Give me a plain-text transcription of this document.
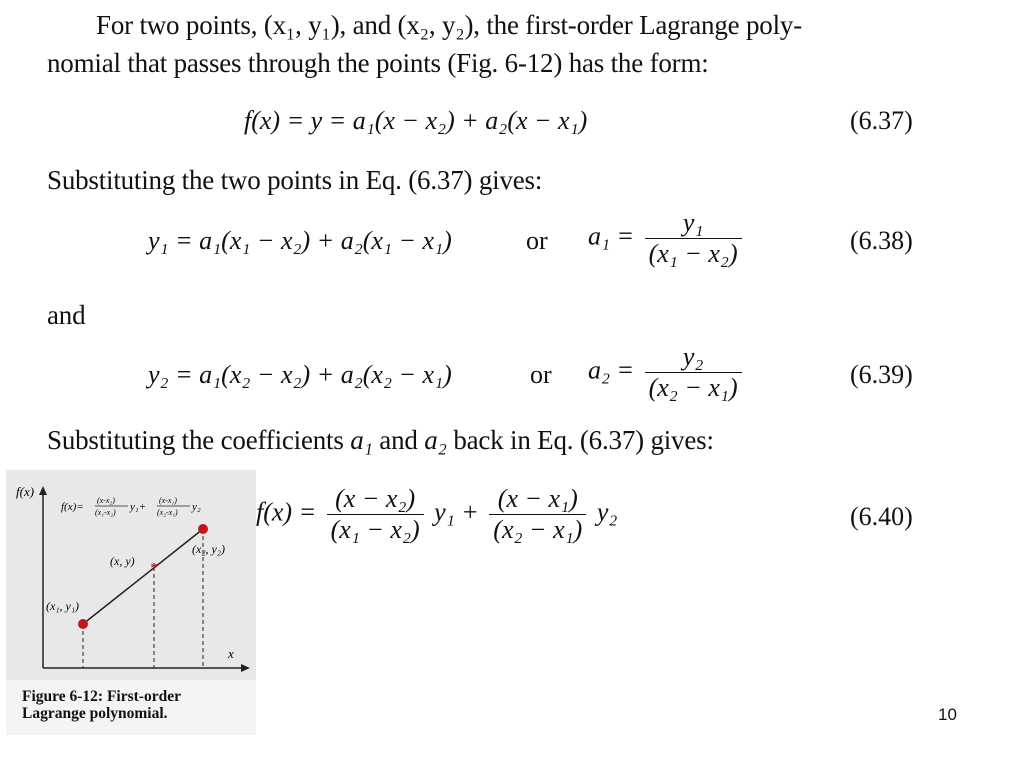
For two points, (x₁, y₁), and (x₂, y₂), the first-order Lagrange poly-
nomial that passes through the points (Fig. 6-12) has the form:
f(x) = y = a₁(x − x₂) + a₂(x − x₁)	(6.37)
Substituting the two points in Eq. (6.37) gives:
y₁ = a₁(x₁ − x₂) + a₂(x₁ − x₁)	or $a_1 = \frac{\text{y₁}}{\text{(x₁ − x₂)}}$	(6.38)
and
y₂ = a₁(x₂ − x₂) + a₂(x₂ − x₁)	or $a_2 = \frac{\text{y₂}}{\text{(x₂ − x₁)}}$	(6.39)
Substituting the coefficients a₁ and a₂ back in Eq. (6.37) gives:
$f(x) = \frac{\text{(x − x₂)}}{\text{(x₁ − x₂)}} y_1 + \frac{\text{(x − x₁)}}{\text{(x₂ − x₁)}} y_2$	(6.40)
f(x)
x
f(x)=
(x-x₂)
(x₁-x₂) y₁+
(x-x₁)
(x₂-x₁) y₂
*
(x₁, y₁)
(x, y)
(x₂, y₂)
Figure 6-12: First-order
Lagrange polynomial.	10
